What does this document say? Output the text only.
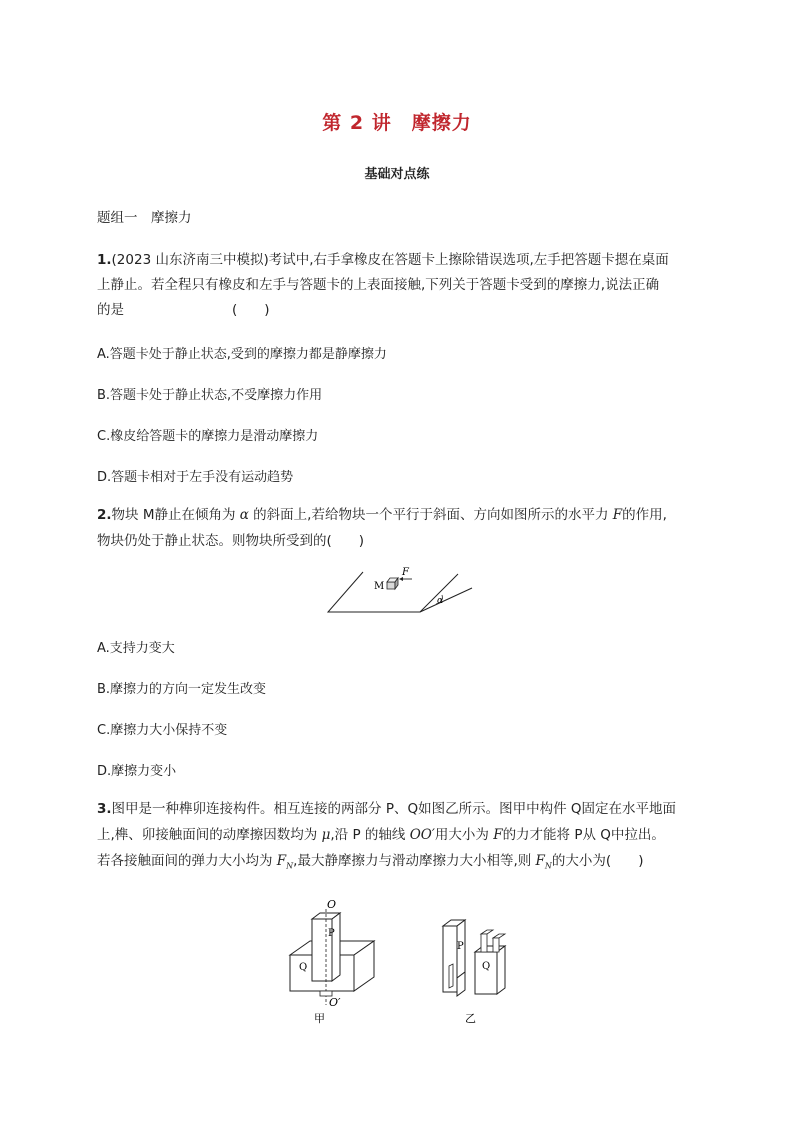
第 2 讲　摩擦力
基础对点练
题组一　摩擦力
1.(2023 山东济南三中模拟)考试中,右手拿橡皮在答题卡上擦除错误选项,左手把答题卡摁在桌面
上静止。若全程只有橡皮和左手与答题卡的上表面接触,下列关于答题卡受到的摩擦力,说法正确
的是　　　　　　　　(　　)
A.答题卡处于静止状态,受到的摩擦力都是静摩擦力
B.答题卡处于静止状态,不受摩擦力作用
C.橡皮给答题卡的摩擦力是滑动摩擦力
D.答题卡相对于左手没有运动趋势
2.物块 M静止在倾角为 α 的斜面上,若给物块一个平行于斜面、方向如图所示的水平力 F的作用,
物块仍处于静止状态。则物块所受到的(　　)
α
M
F
A.支持力变大
B.摩擦力的方向一定发生改变
C.摩擦力大小保持不变
D.摩擦力变小
3.图甲是一种榫卯连接构件。相互连接的两部分 P、Q如图乙所示。图甲中构件 Q固定在水平地面
上,榫、卯接触面间的动摩擦因数均为 μ,沿 P 的轴线 OO′用大小为 F的力才能将 P从 Q中拉出。
若各接触面间的弹力大小均为 $F_N$,最大静摩擦力与滑动摩擦力大小相等,则 $F_N$的大小为(　　)
O
O′
P
Q
甲
P
Q
乙
